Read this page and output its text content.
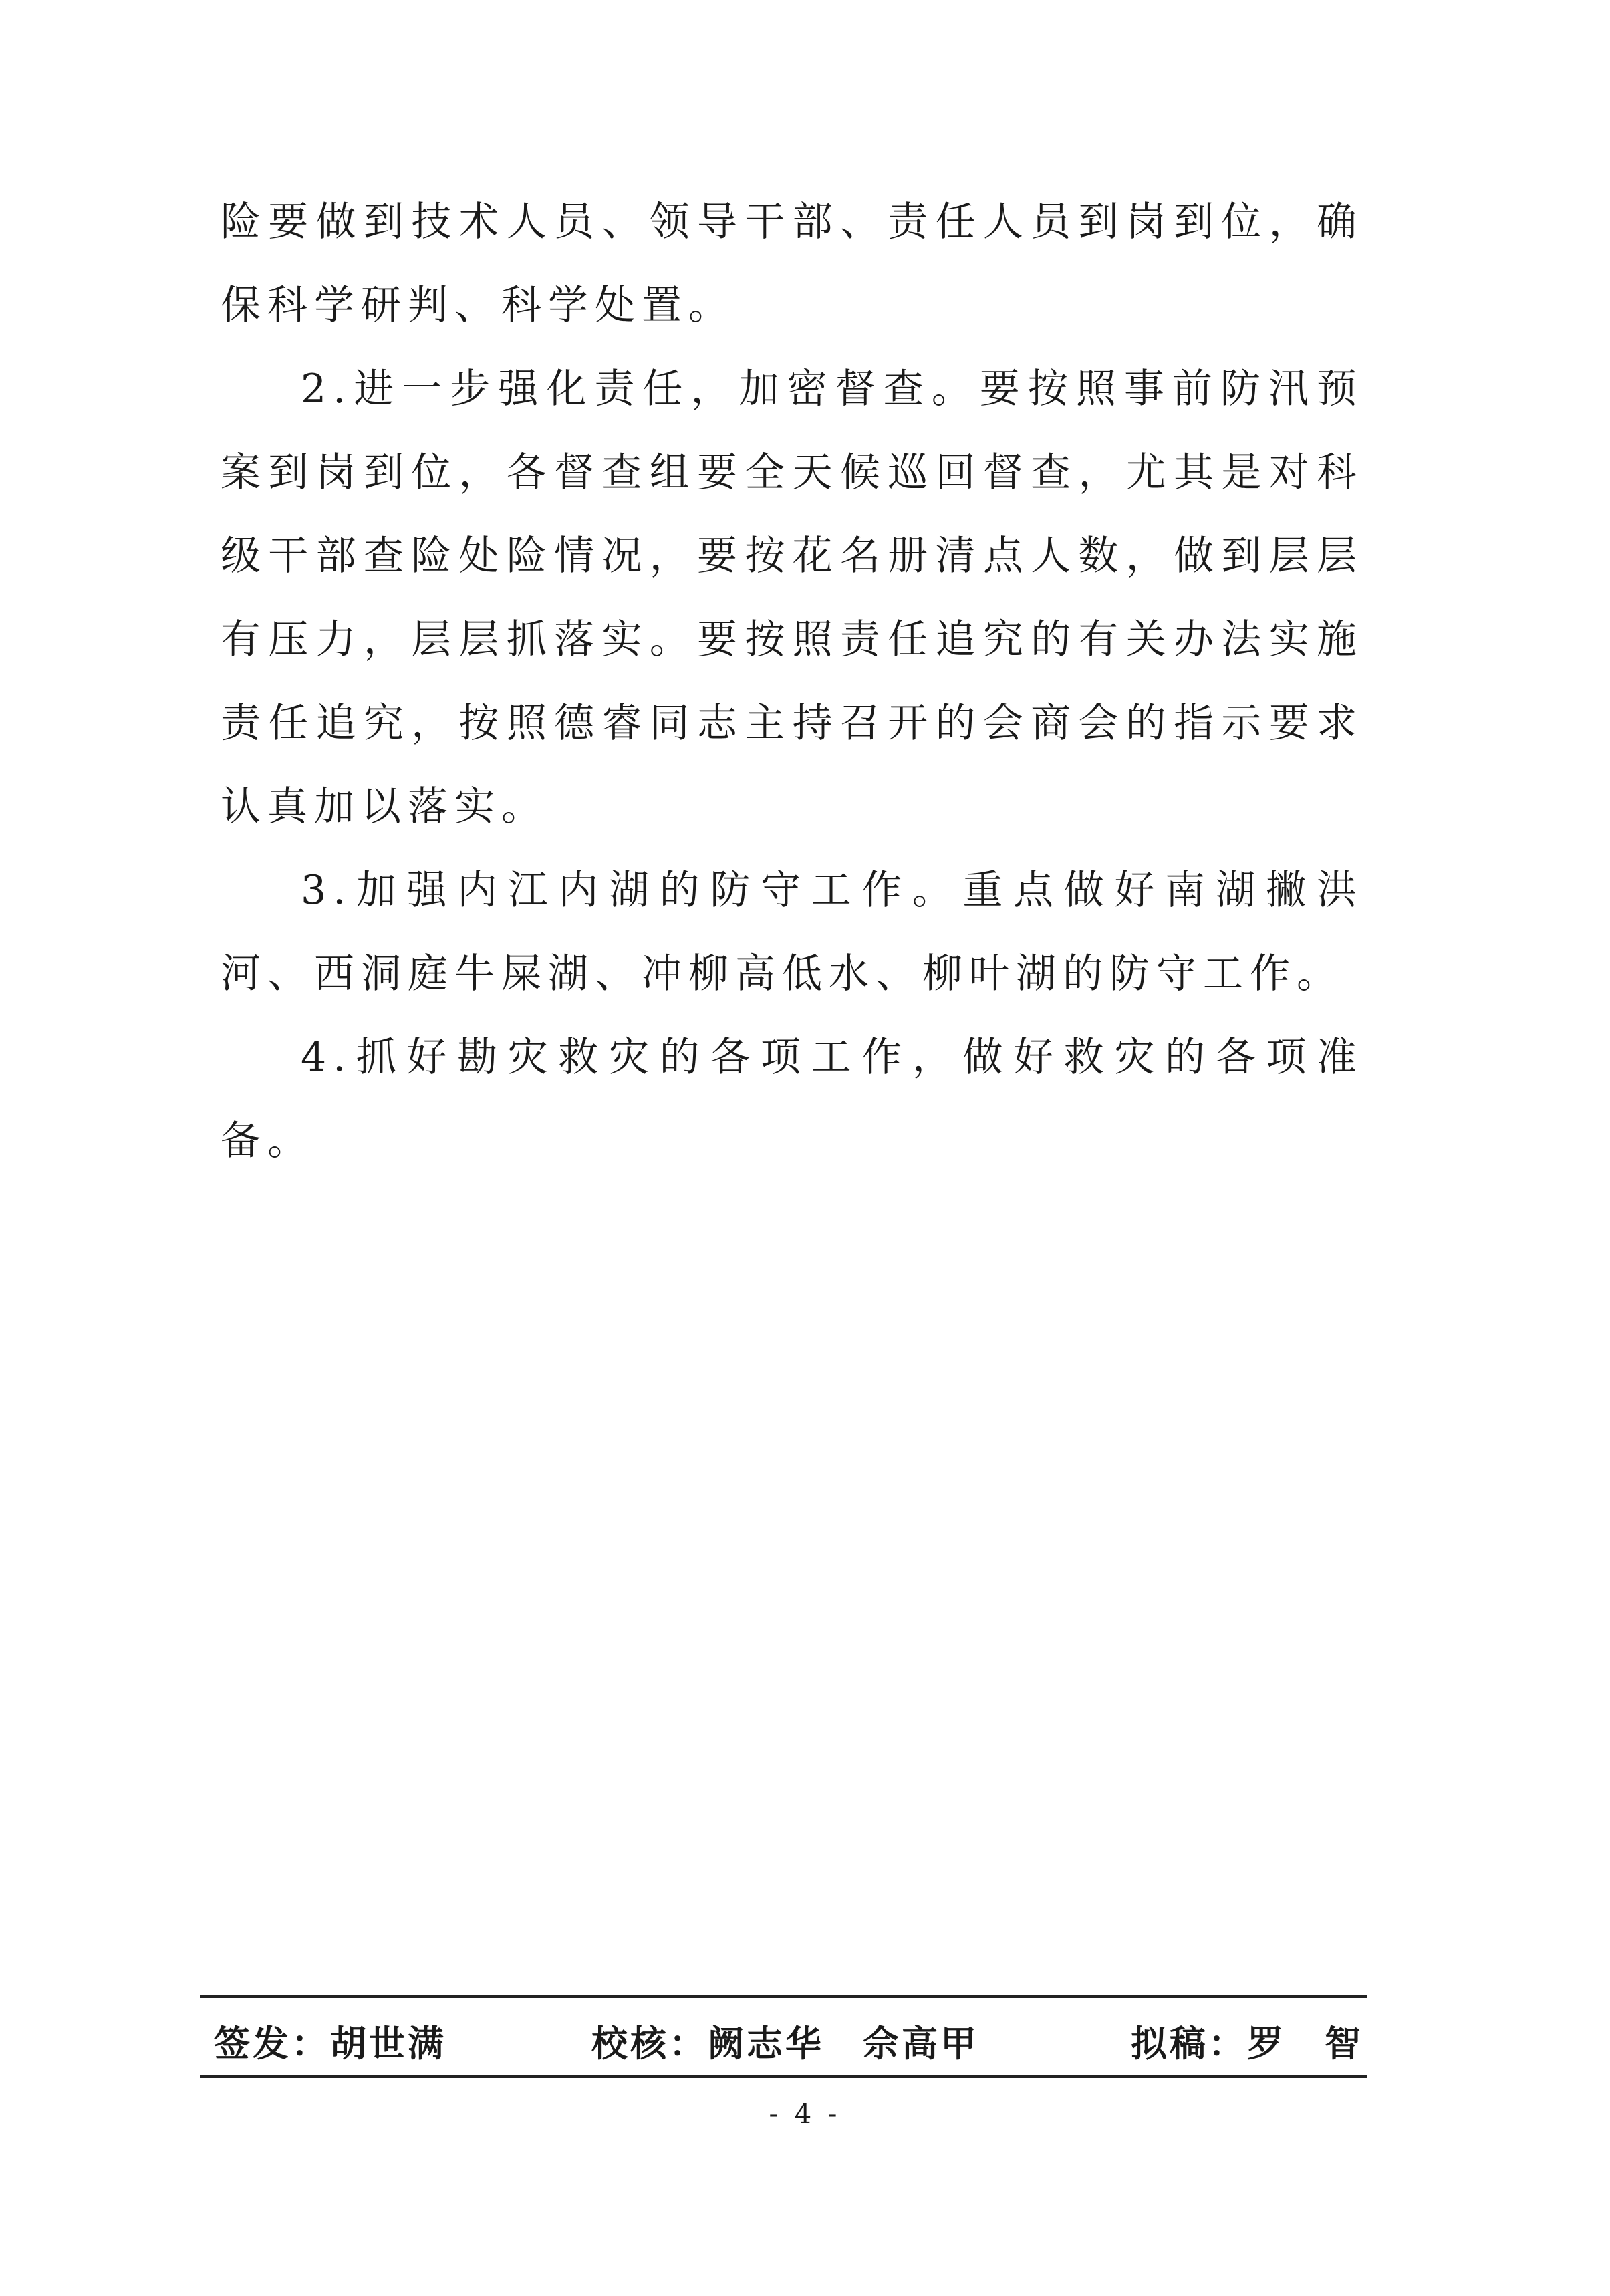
险要做到技术人员、领导干部、责任人员到岗到位，确保科学研判、科学处置。

2.进一步强化责任，加密督查。要按照事前防汛预案到岗到位，各督查组要全天候巡回督查，尤其是对科级干部查险处险情况，要按花名册清点人数，做到层层有压力，层层抓落实。要按照责任追究的有关办法实施责任追究，按照德睿同志主持召开的会商会的指示要求认真加以落实。

3.加强内江内湖的防守工作。重点做好南湖撇洪河、西洞庭牛屎湖、冲柳高低水、柳叶湖的防守工作。

4.抓好勘灾救灾的各项工作，做好救灾的各项准备。

签发：胡世满	校核：阙志华　佘高甲	拟稿：罗　智
- 4 -
